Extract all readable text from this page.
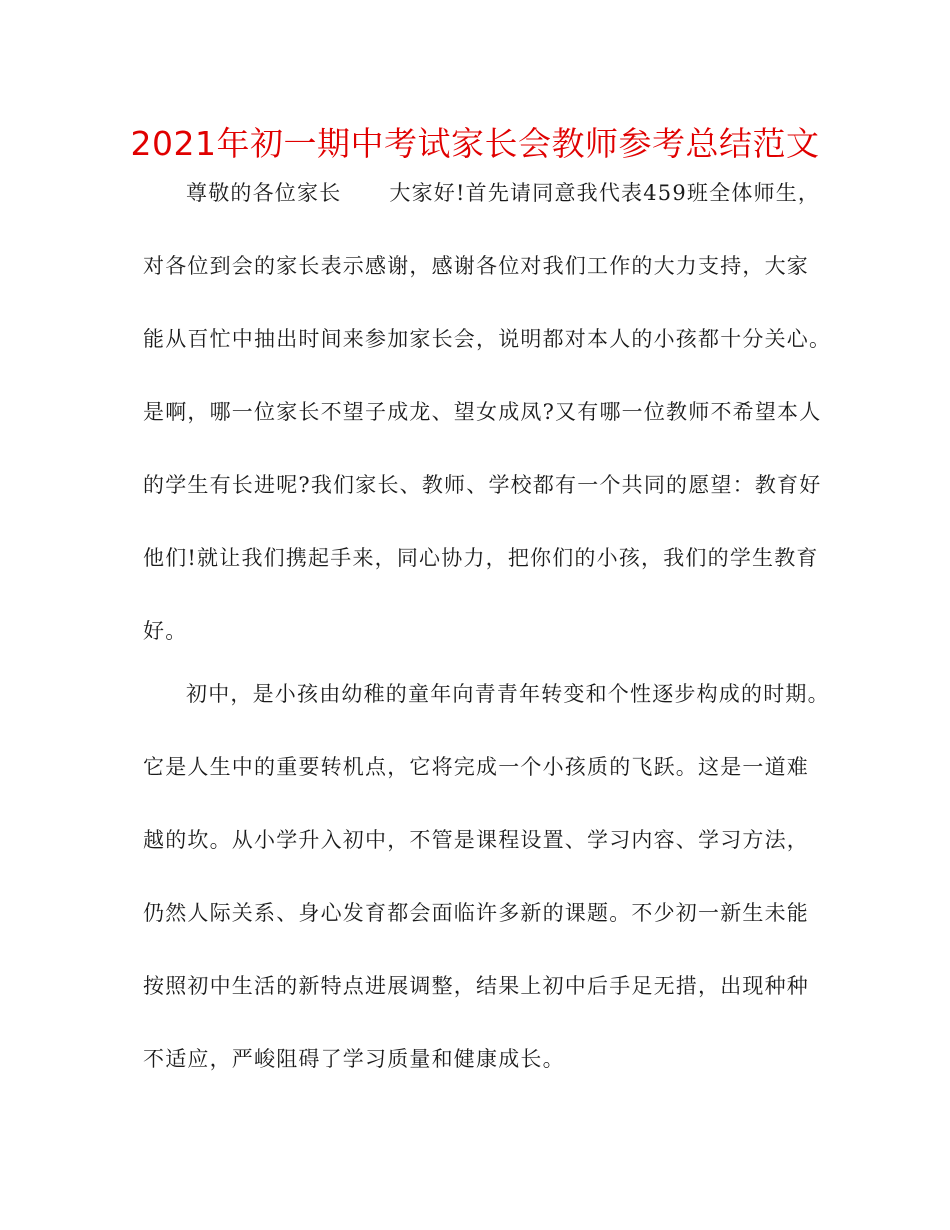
2021年初一期中考试家长会教师参考总结范文
尊敬的各位家长 大家好!首先请同意我代表459班全体师生，
对各位到会的家长表示感谢，感谢各位对我们工作的大力支持，大家
能从百忙中抽出时间来参加家长会，说明都对本人的小孩都十分关心。
是啊，哪一位家长不望子成龙、望女成凤?又有哪一位教师不希望本人
的学生有长进呢?我们家长、教师、学校都有一个共同的愿望：教育好
他们!就让我们携起手来，同心协力，把你们的小孩，我们的学生教育
好。
初中，是小孩由幼稚的童年向青青年转变和个性逐步构成的时期。
它是人生中的重要转机点，它将完成一个小孩质的飞跃。这是一道难
越的坎。从小学升入初中，不管是课程设置、学习内容、学习方法，
仍然人际关系、身心发育都会面临许多新的课题。不少初一新生未能
按照初中生活的新特点进展调整，结果上初中后手足无措，出现种种
不适应，严峻阻碍了学习质量和健康成长。
